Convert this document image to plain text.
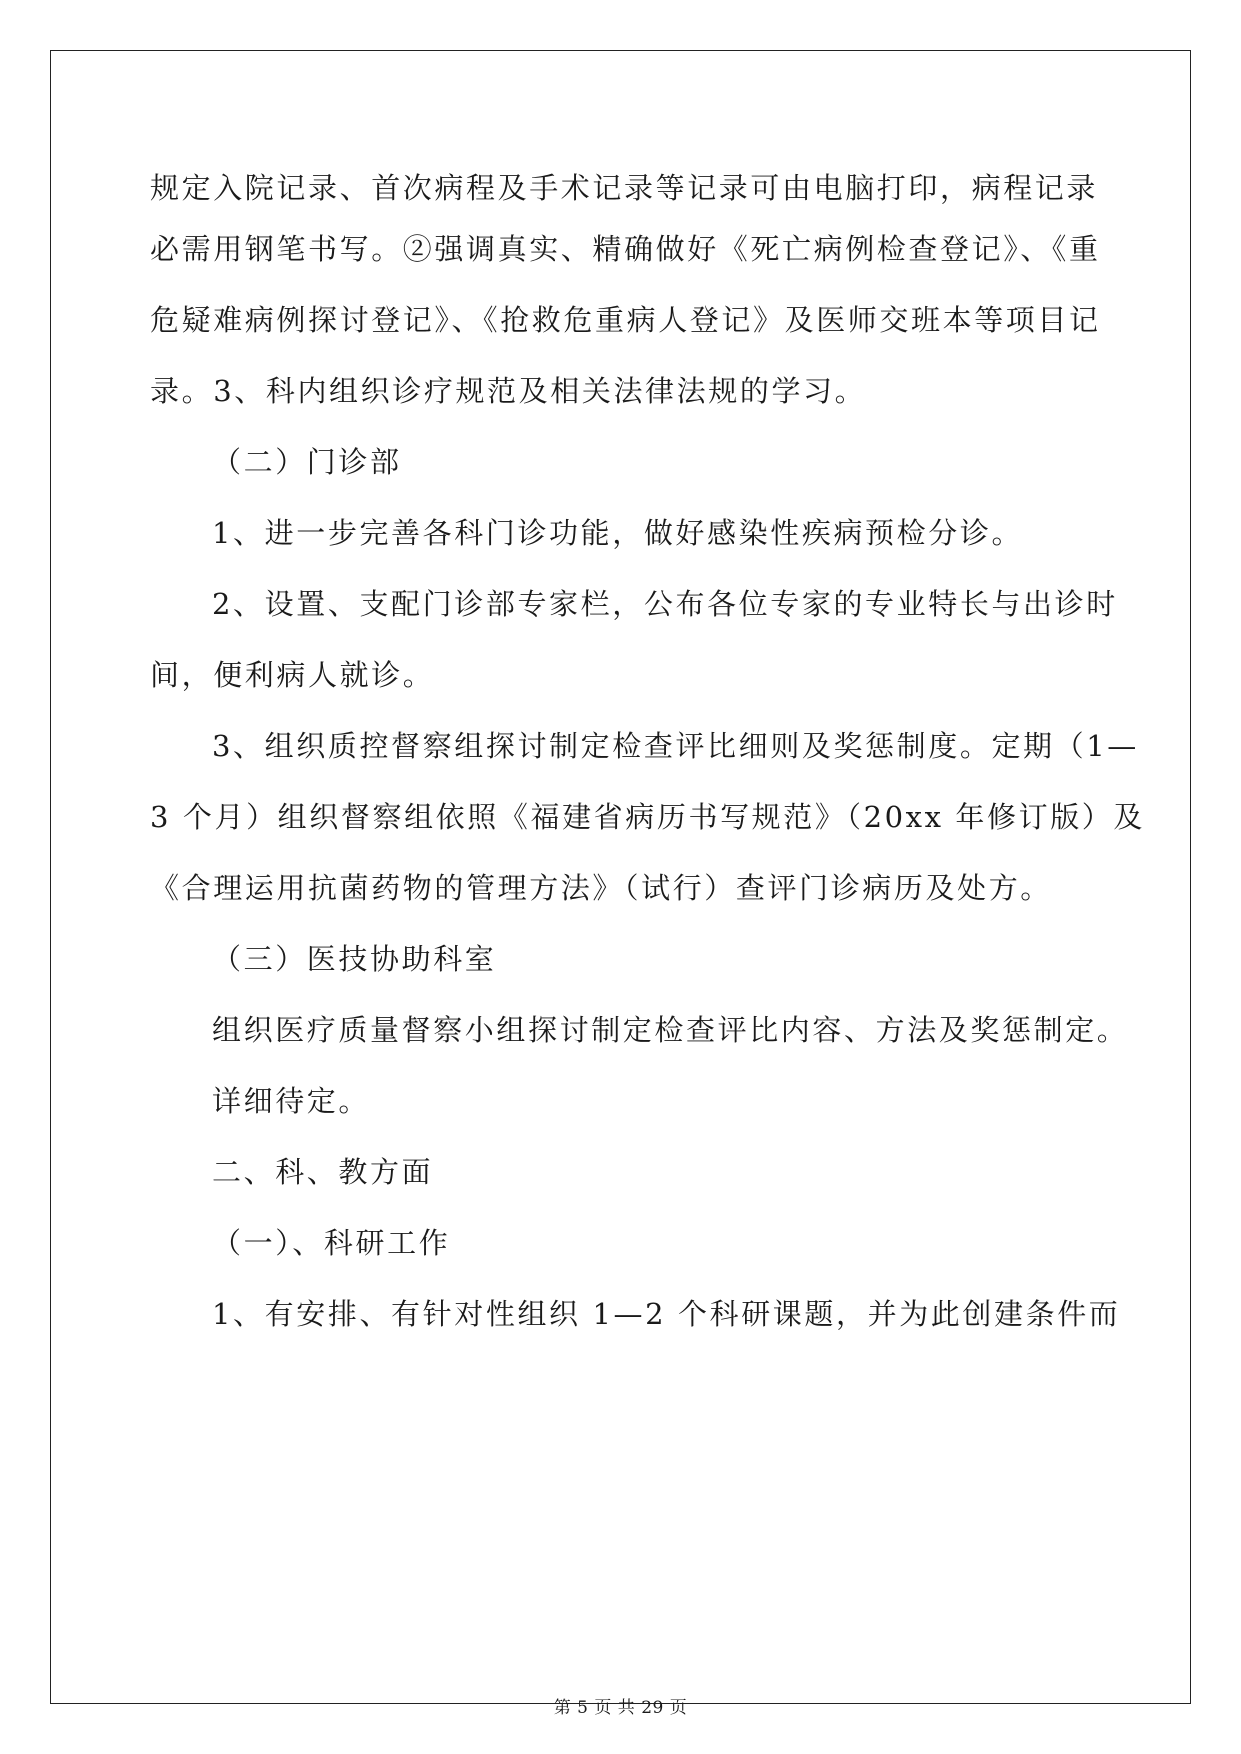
规定入院记录、首次病程及手术记录等记录可由电脑打印，病程记录
必需用钢笔书写。②强调真实、精确做好《死亡病例检查登记》、《重
危疑难病例探讨登记》、《抢救危重病人登记》及医师交班本等项目记
录。3、科内组织诊疗规范及相关法律法规的学习。
（二）门诊部
1、进一步完善各科门诊功能，做好感染性疾病预检分诊。
2、设置、支配门诊部专家栏，公布各位专家的专业特长与出诊时
间，便利病人就诊。
3、组织质控督察组探讨制定检查评比细则及奖惩制度。定期（1—
3 个月）组织督察组依照《福建省病历书写规范》（20xx 年修订版）及
《合理运用抗菌药物的管理方法》（试行）查评门诊病历及处方。
（三）医技协助科室
组织医疗质量督察小组探讨制定检查评比内容、方法及奖惩制定。
详细待定。
二、科、教方面
（一）、科研工作
1、有安排、有针对性组织 1—2 个科研课题，并为此创建条件而
第 5 页 共 29 页
